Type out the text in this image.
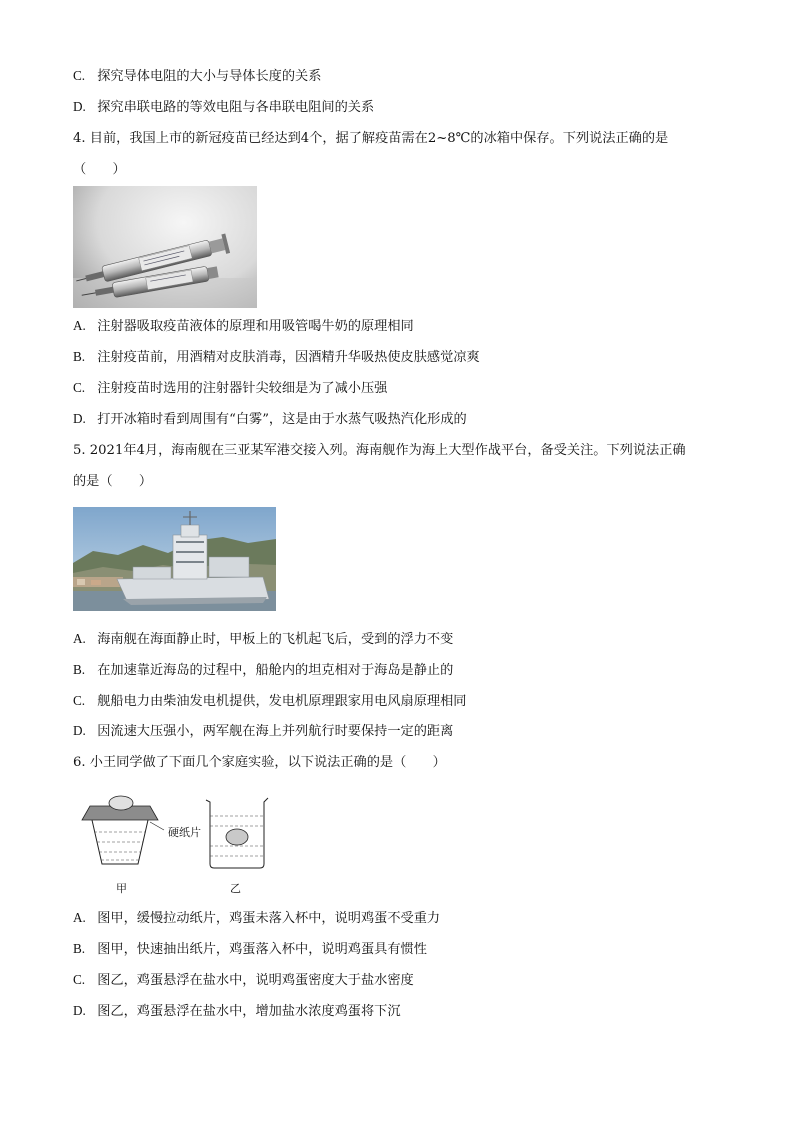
C. 探究导体电阻的大小与导体长度的关系
D. 探究串联电路的等效电阻与各串联电阻间的关系
4. 目前，我国上市的新冠疫苗已经达到4个，据了解疫苗需在2~8℃的冰箱中保存。下列说法正确的是
（　　）
A. 注射器吸取疫苗液体的原理和用吸管喝牛奶的原理相同
B. 注射疫苗前，用酒精对皮肤消毒，因酒精升华吸热使皮肤感觉凉爽
C. 注射疫苗时选用的注射器针尖较细是为了减小压强
D. 打开冰箱时看到周围有“白雾”，这是由于水蒸气吸热汽化形成的
5. 2021年4月，海南舰在三亚某军港交接入列。海南舰作为海上大型作战平台，备受关注。下列说法正确
的是（　　）
A. 海南舰在海面静止时，甲板上的飞机起飞后，受到的浮力不变
B. 在加速靠近海岛的过程中，船舱内的坦克相对于海岛是静止的
C. 舰船电力由柴油发电机提供，发电机原理跟家用电风扇原理相同
D. 因流速大压强小，两军舰在海上并列航行时要保持一定的距离
6. 小王同学做了下面几个家庭实验，以下说法正确的是（　　）
硬纸片
甲	乙
A. 图甲，缓慢拉动纸片，鸡蛋未落入杯中，说明鸡蛋不受重力
B. 图甲，快速抽出纸片，鸡蛋落入杯中，说明鸡蛋具有惯性
C. 图乙，鸡蛋悬浮在盐水中，说明鸡蛋密度大于盐水密度
D. 图乙，鸡蛋悬浮在盐水中，增加盐水浓度鸡蛋将下沉
